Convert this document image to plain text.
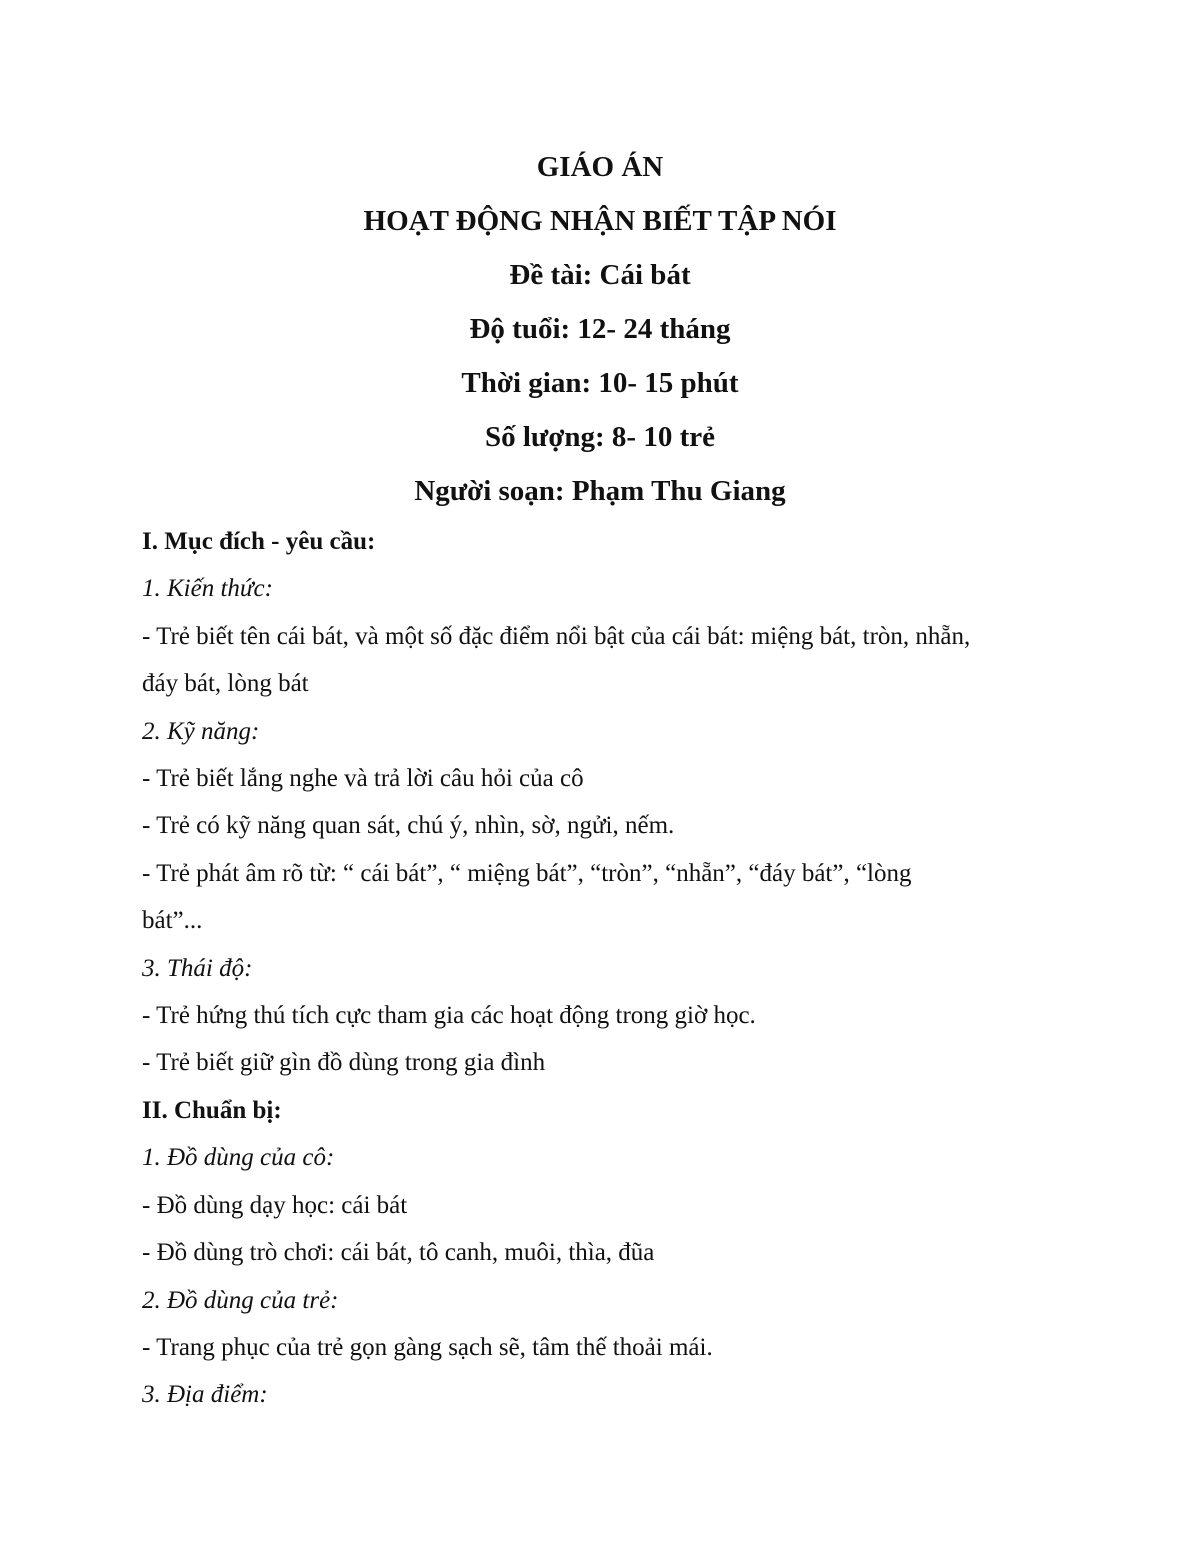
GIÁO ÁN
HOẠT ĐỘNG NHẬN BIẾT TẬP NÓI
Đề tài: Cái bát
Độ tuổi: 12- 24 tháng
Thời gian: 10- 15 phút
Số lượng: 8- 10 trẻ
Người soạn: Phạm Thu Giang
I. Mục đích - yêu cầu:
1. Kiến thức:
- Trẻ biết tên cái bát, và một số đặc điểm nổi bật của cái bát: miệng bát, tròn, nhẵn,
đáy bát, lòng bát
2. Kỹ năng:
- Trẻ biết lắng nghe và trả lời câu hỏi của cô
- Trẻ có kỹ năng quan sát, chú ý, nhìn, sờ, ngửi, nếm.
- Trẻ phát âm rõ từ: “ cái bát”, “ miệng bát”, “tròn”, “nhẵn”, “đáy bát”, “lòng
bát”...
3. Thái độ:
- Trẻ hứng thú tích cực tham gia các hoạt động trong giờ học.
- Trẻ biết giữ gìn đồ dùng trong gia đình
II. Chuẩn bị:
1. Đồ dùng của cô:
- Đồ dùng dạy học: cái bát
- Đồ dùng trò chơi: cái bát, tô canh, muôi, thìa, đũa
2. Đồ dùng của trẻ:
- Trang phục của trẻ gọn gàng sạch sẽ, tâm thế thoải mái.
3. Địa điểm:
